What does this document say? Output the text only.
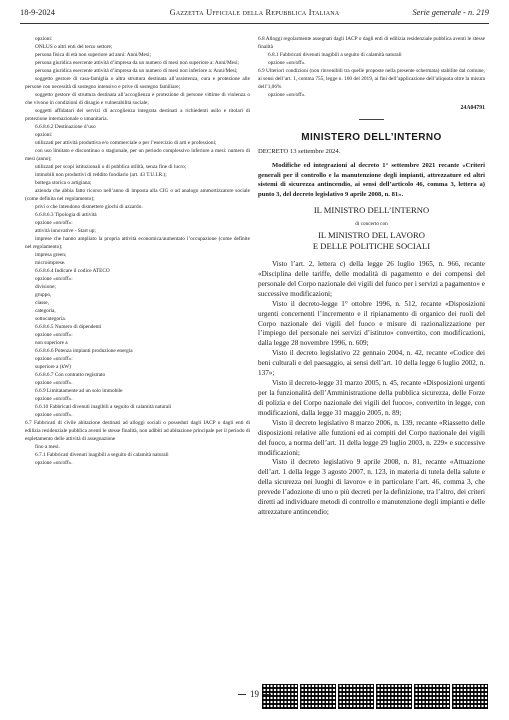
18-9-2024	Gazzetta Ufficiale della Repubblica Italiana	Serie generale - n. 219
opzioni:
ONLUS o altri enti del terzo settore;
persona fisica di età non superiore ad anni: Anni/Mesi;
persona giuridica esercente attività d’impresa da un numero di mesi non superiore a: Anni/Mesi;
persona giuridica esercente attività d’impresa da un numero di mesi non inferiore a: Anni/Mesi;
soggetto gestore di casa-famiglia o altra struttura destinata all’assistenza, cura e protezione alle persone con necessità di sostegno intensivo e prive di sostegno familiare;
soggetto gestore di struttura destinata all’accoglienza e protezione di persone vittime di violenza o che vivono in condizioni di disagio e vulnerabilità sociale;
soggetti affidatari dei servizi di accoglienza integrata destinati a richiedenti asilo e titolari di protezione internazionale o umanitaria.
6.6.8.6.2 Destinazione d’uso
opzioni:
utilizzati per attività produttiva e/o commerciale o per l’esercizio di arti e professioni;
con uso limitato e discontinuo o stagionale, per un periodo complessivo inferiore a mesi: numero di mesi (anno);
utilizzati per scopi istituzionali o di pubblica utilità, senza fine di lucro;
immobili non produttivi di reddito fondiario (art. 43 T.U.I.R.);
bottega storica o artigiana;
azienda che abbia fatto ricorso nell’anno di imposta alla CIG o ad analogo ammortizzatore sociale (come definita nel regolamento);
privi o che intendono dismettere giochi di azzardo.
6.6.8.6.3 Tipologia di attività
opzione «on/off»:
attività innovative - Start up;
imprese che hanno ampliato la propria attività economica/aumentato l’occupazione (come definite nel regolamento);
impresa green;
microimprese.
6.6.8.6.4 Indicare il codice ATECO
opzione «on/off»:
divisione;
gruppo,
classe,
categoria,
sottocategoria.
6.6.8.6.5 Numero di dipendenti
opzione «on/off»:
non superiore a
6.6.8.6.6 Potenza impianti produzione energia
opzione «on/off»:
superiore a (kW)
6.6.8.6.7 Con contratto registrato
opzione «on/off».
6.6.9 Limitatamente ad un solo immobile
opzione «on/off».
6.6.10 Fabbricati divenuti inagibili a seguito di calamità naturali
opzione «on/off».
6.7 Fabbricati di civile abitazione destinati ad alloggi sociali o posseduti dagli IACP o dagli enti di edilizia residenziale pubblica aventi le stesse finalità, non adibiti ad abitazione principale per il periodo di espletamento delle attività di assegnazione
fino a mesi.
6.7.1 Fabbricati divenuti inagibili a seguito di calamità naturali
opzione «on/off».
6.8 Alloggi regolarmente assegnati dagli IACP o dagli enti di edilizia residenziale pubblica aventi le stesse finalità
6.8.1 Fabbricati divenuti inagibili a seguito di calamità naturali
opzione «on/off».
6.9 Ulteriori condizioni (non rinvenibili tra quelle proposte nella presente schermata) stabilite dal comune, ai sensi dell’art. 1, comma 755, legge n. 160 del 2019, ai fini dell’applicazione dell’aliquota oltre la misura dell’1,06%
opzione «on/off».
24A04791
MINISTERO DELL’INTERNO
DECRETO 13 settembre 2024.
Modifiche ed integrazioni al decreto 1° settembre 2021 recante «Criteri generali per il controllo e la manutenzione degli impianti, attrezzature ed altri sistemi di sicurezza antincendio, ai sensi dell’articolo 46, comma 3, lettera a) punto 3, del decreto legislativo 9 aprile 2008, n. 81».
IL MINISTRO DELL’INTERNO
di concerto con
IL MINISTRO DEL LAVORO
E DELLE POLITICHE SOCIALI
Visto l’art. 2, lettera c) della legge 26 luglio 1965, n. 966, recante «Disciplina delle tariffe, delle modalità di pagamento e dei compensi del personale del Corpo nazionale dei vigili del fuoco per i servizi a pagamento» e successive modificazioni;
Visto il decreto-legge 1° ottobre 1996, n. 512, recante «Disposizioni urgenti concernenti l’incremento e il ripianamento di organico dei ruoli del Corpo nazionale dei vigili del fuoco e misure di razionalizzazione per l’impiego del personale nei servizi d’istituto» convertito, con modificazioni, dalla legge 28 novembre 1996, n. 609;
Visto il decreto legislativo 22 gennaio 2004, n. 42, recante «Codice dei beni culturali e del paesaggio, ai sensi dell’art. 10 della legge 6 luglio 2002, n. 137»;
Visto il decreto-legge 31 marzo 2005, n. 45, recante «Disposizioni urgenti per la funzionalità dell’Amministrazione della pubblica sicurezza, delle Forze di polizia e del Corpo nazionale dei vigili del fuoco», convertito in legge, con modificazioni, dalla legge 31 maggio 2005, n. 89;
Visto il decreto legislativo 8 marzo 2006, n. 139, recante «Riassetto delle disposizioni relative alle funzioni ed ai compiti del Corpo nazionale dei vigili del fuoco, a norma dell’art. 11 della legge 29 luglio 2003, n. 229» e successive modificazioni;
Visto il decreto legislativo 9 aprile 2008, n. 81, recante «Attuazione dell’art. 1 della legge 3 agosto 2007, n. 123, in materia di tutela della salute e della sicurezza nei luoghi di lavoro» e in particolare l’art. 46, comma 3, che prevede l’adozione di uno o più decreti per la definizione, tra l’altro, dei criteri diretti ad individuare metodi di controllo e manutenzione degli impianti e delle attrezzature antincendio;
19
